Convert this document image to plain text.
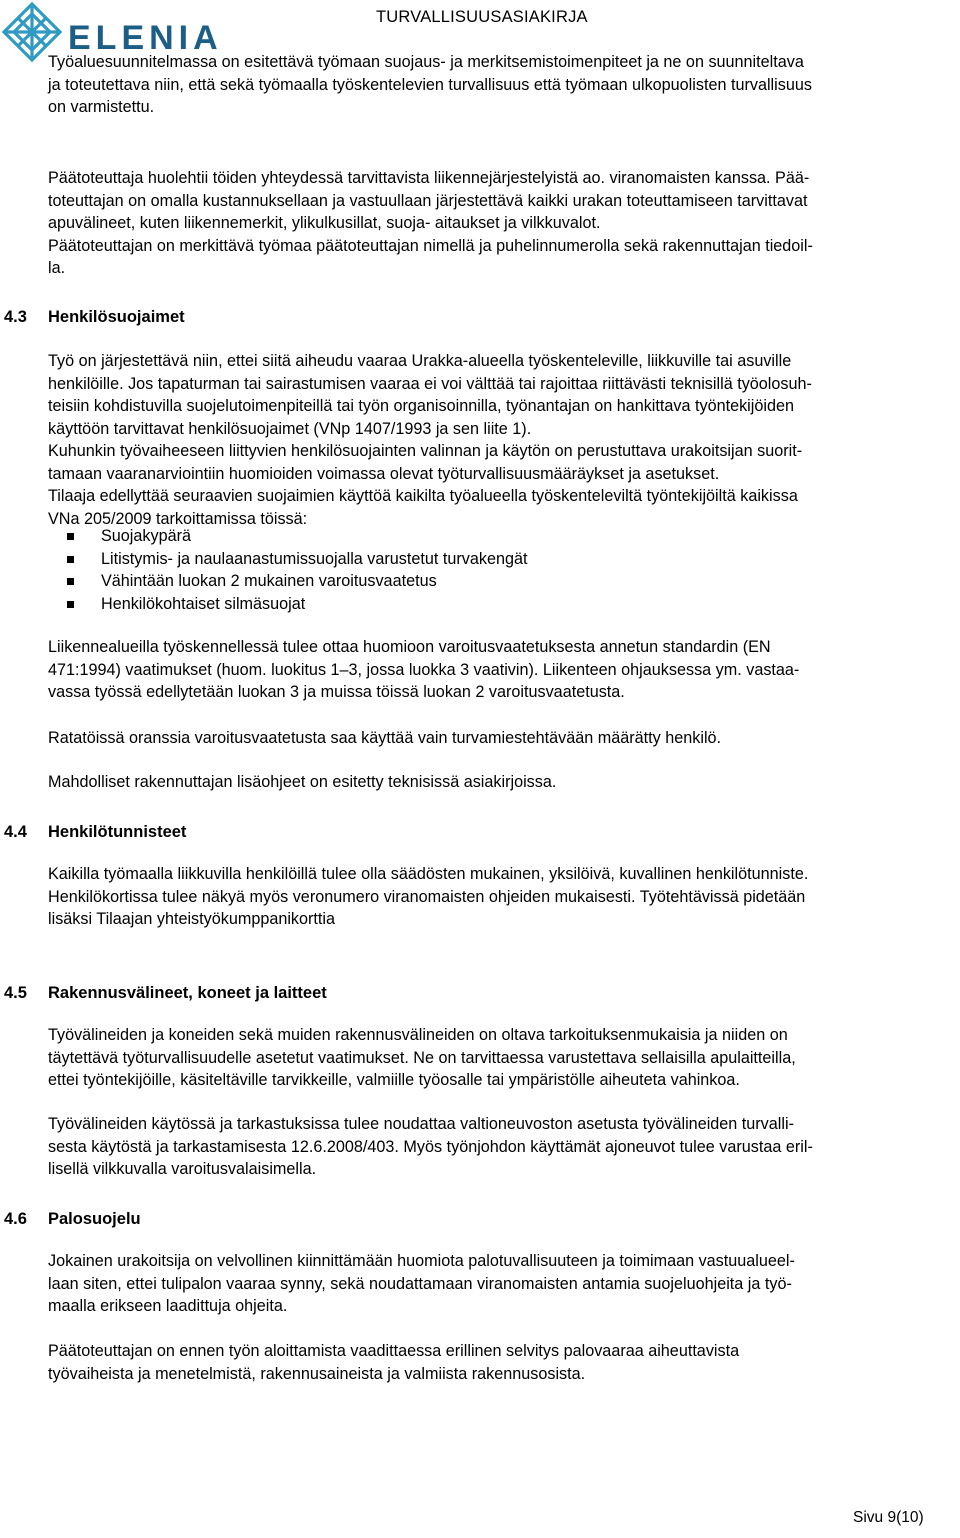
ELENIA
TURVALLISUUSASIAKIRJA
Työaluesuunnitelmassa on esitettävä työmaan suojaus- ja merkitsemistoimenpiteet ja ne on suunniteltava
ja toteutettava niin, että sekä työmaalla työskentelevien turvallisuus että työmaan ulkopuolisten turvallisuus
on varmistettu.
Päätoteuttaja huolehtii töiden yhteydessä tarvittavista liikennejärjestelyistä ao. viranomaisten kanssa. Pää-
toteuttajan on omalla kustannuksellaan ja vastuullaan järjestettävä kaikki urakan toteuttamiseen tarvittavat
apuvälineet, kuten liikennemerkit, ylikulkusillat, suoja- aitaukset ja vilkkuvalot.
Päätoteuttajan on merkittävä työmaa päätoteuttajan nimellä ja puhelinnumerolla sekä rakennuttajan tiedoil-
la.
4.3 Henkilösuojaimet
Työ on järjestettävä niin, ettei siitä aiheudu vaaraa Urakka-alueella työskenteleville, liikkuville tai asuville
henkilöille. Jos tapaturman tai sairastumisen vaaraa ei voi välttää tai rajoittaa riittävästi teknisillä työolosuh-
teisiin kohdistuvilla suojelutoimenpiteillä tai työn organisoinnilla, työnantajan on hankittava työntekijöiden
käyttöön tarvittavat henkilösuojaimet (VNp 1407/1993 ja sen liite 1).
Kuhunkin työvaiheeseen liittyvien henkilösuojainten valinnan ja käytön on perustuttava urakoitsijan suorit-
tamaan vaaranarviointiin huomioiden voimassa olevat työturvallisuusmääräykset ja asetukset.
Tilaaja edellyttää seuraavien suojaimien käyttöä kaikilta työalueella työskenteleviltä työntekijöiltä kaikissa
VNa 205/2009 tarkoittamissa töissä:
Suojakypärä
Litistymis- ja naulaanastumissuojalla varustetut turvakengät
Vähintään luokan 2 mukainen varoitusvaatetus
Henkilökohtaiset silmäsuojat
Liikennealueilla työskennellessä tulee ottaa huomioon varoitusvaatetuksesta annetun standardin (EN
471:1994) vaatimukset (huom. luokitus 1–3, jossa luokka 3 vaativin). Liikenteen ohjauksessa ym. vastaa-
vassa työssä edellytetään luokan 3 ja muissa töissä luokan 2 varoitusvaatetusta.
Ratatöissä oranssia varoitusvaatetusta saa käyttää vain turvamiestehtävään määrätty henkilö.
Mahdolliset rakennuttajan lisäohjeet on esitetty teknisissä asiakirjoissa.
4.4 Henkilötunnisteet
Kaikilla työmaalla liikkuvilla henkilöillä tulee olla säädösten mukainen, yksilöivä, kuvallinen henkilötunniste.
Henkilökortissa tulee näkyä myös veronumero viranomaisten ohjeiden mukaisesti. Työtehtävissä pidetään
lisäksi Tilaajan yhteistyökumppanikorttia
4.5 Rakennusvälineet, koneet ja laitteet
Työvälineiden ja koneiden sekä muiden rakennusvälineiden on oltava tarkoituksenmukaisia ja niiden on
täytettävä työturvallisuudelle asetetut vaatimukset. Ne on tarvittaessa varustettava sellaisilla apulaitteilla,
ettei työntekijöille, käsiteltäville tarvikkeille, valmiille työosalle tai ympäristölle aiheuteta vahinkoa.
Työvälineiden käytössä ja tarkastuksissa tulee noudattaa valtioneuvoston asetusta työvälineiden turvalli-
sesta käytöstä ja tarkastamisesta 12.6.2008/403. Myös työnjohdon käyttämät ajoneuvot tulee varustaa eril-
lisellä vilkkuvalla varoitusvalaisimella.
4.6 Palosuojelu
Jokainen urakoitsija on velvollinen kiinnittämään huomiota palotuvallisuuteen ja toimimaan vastuualueel-
laan siten, ettei tulipalon vaaraa synny, sekä noudattamaan viranomaisten antamia suojeluohjeita ja työ-
maalla erikseen laadittuja ohjeita.
Päätoteuttajan on ennen työn aloittamista vaadittaessa erillinen selvitys palovaaraa aiheuttavista
työvaiheista ja menetelmistä, rakennusaineista ja valmiista rakennusosista.
Sivu 9(10)
